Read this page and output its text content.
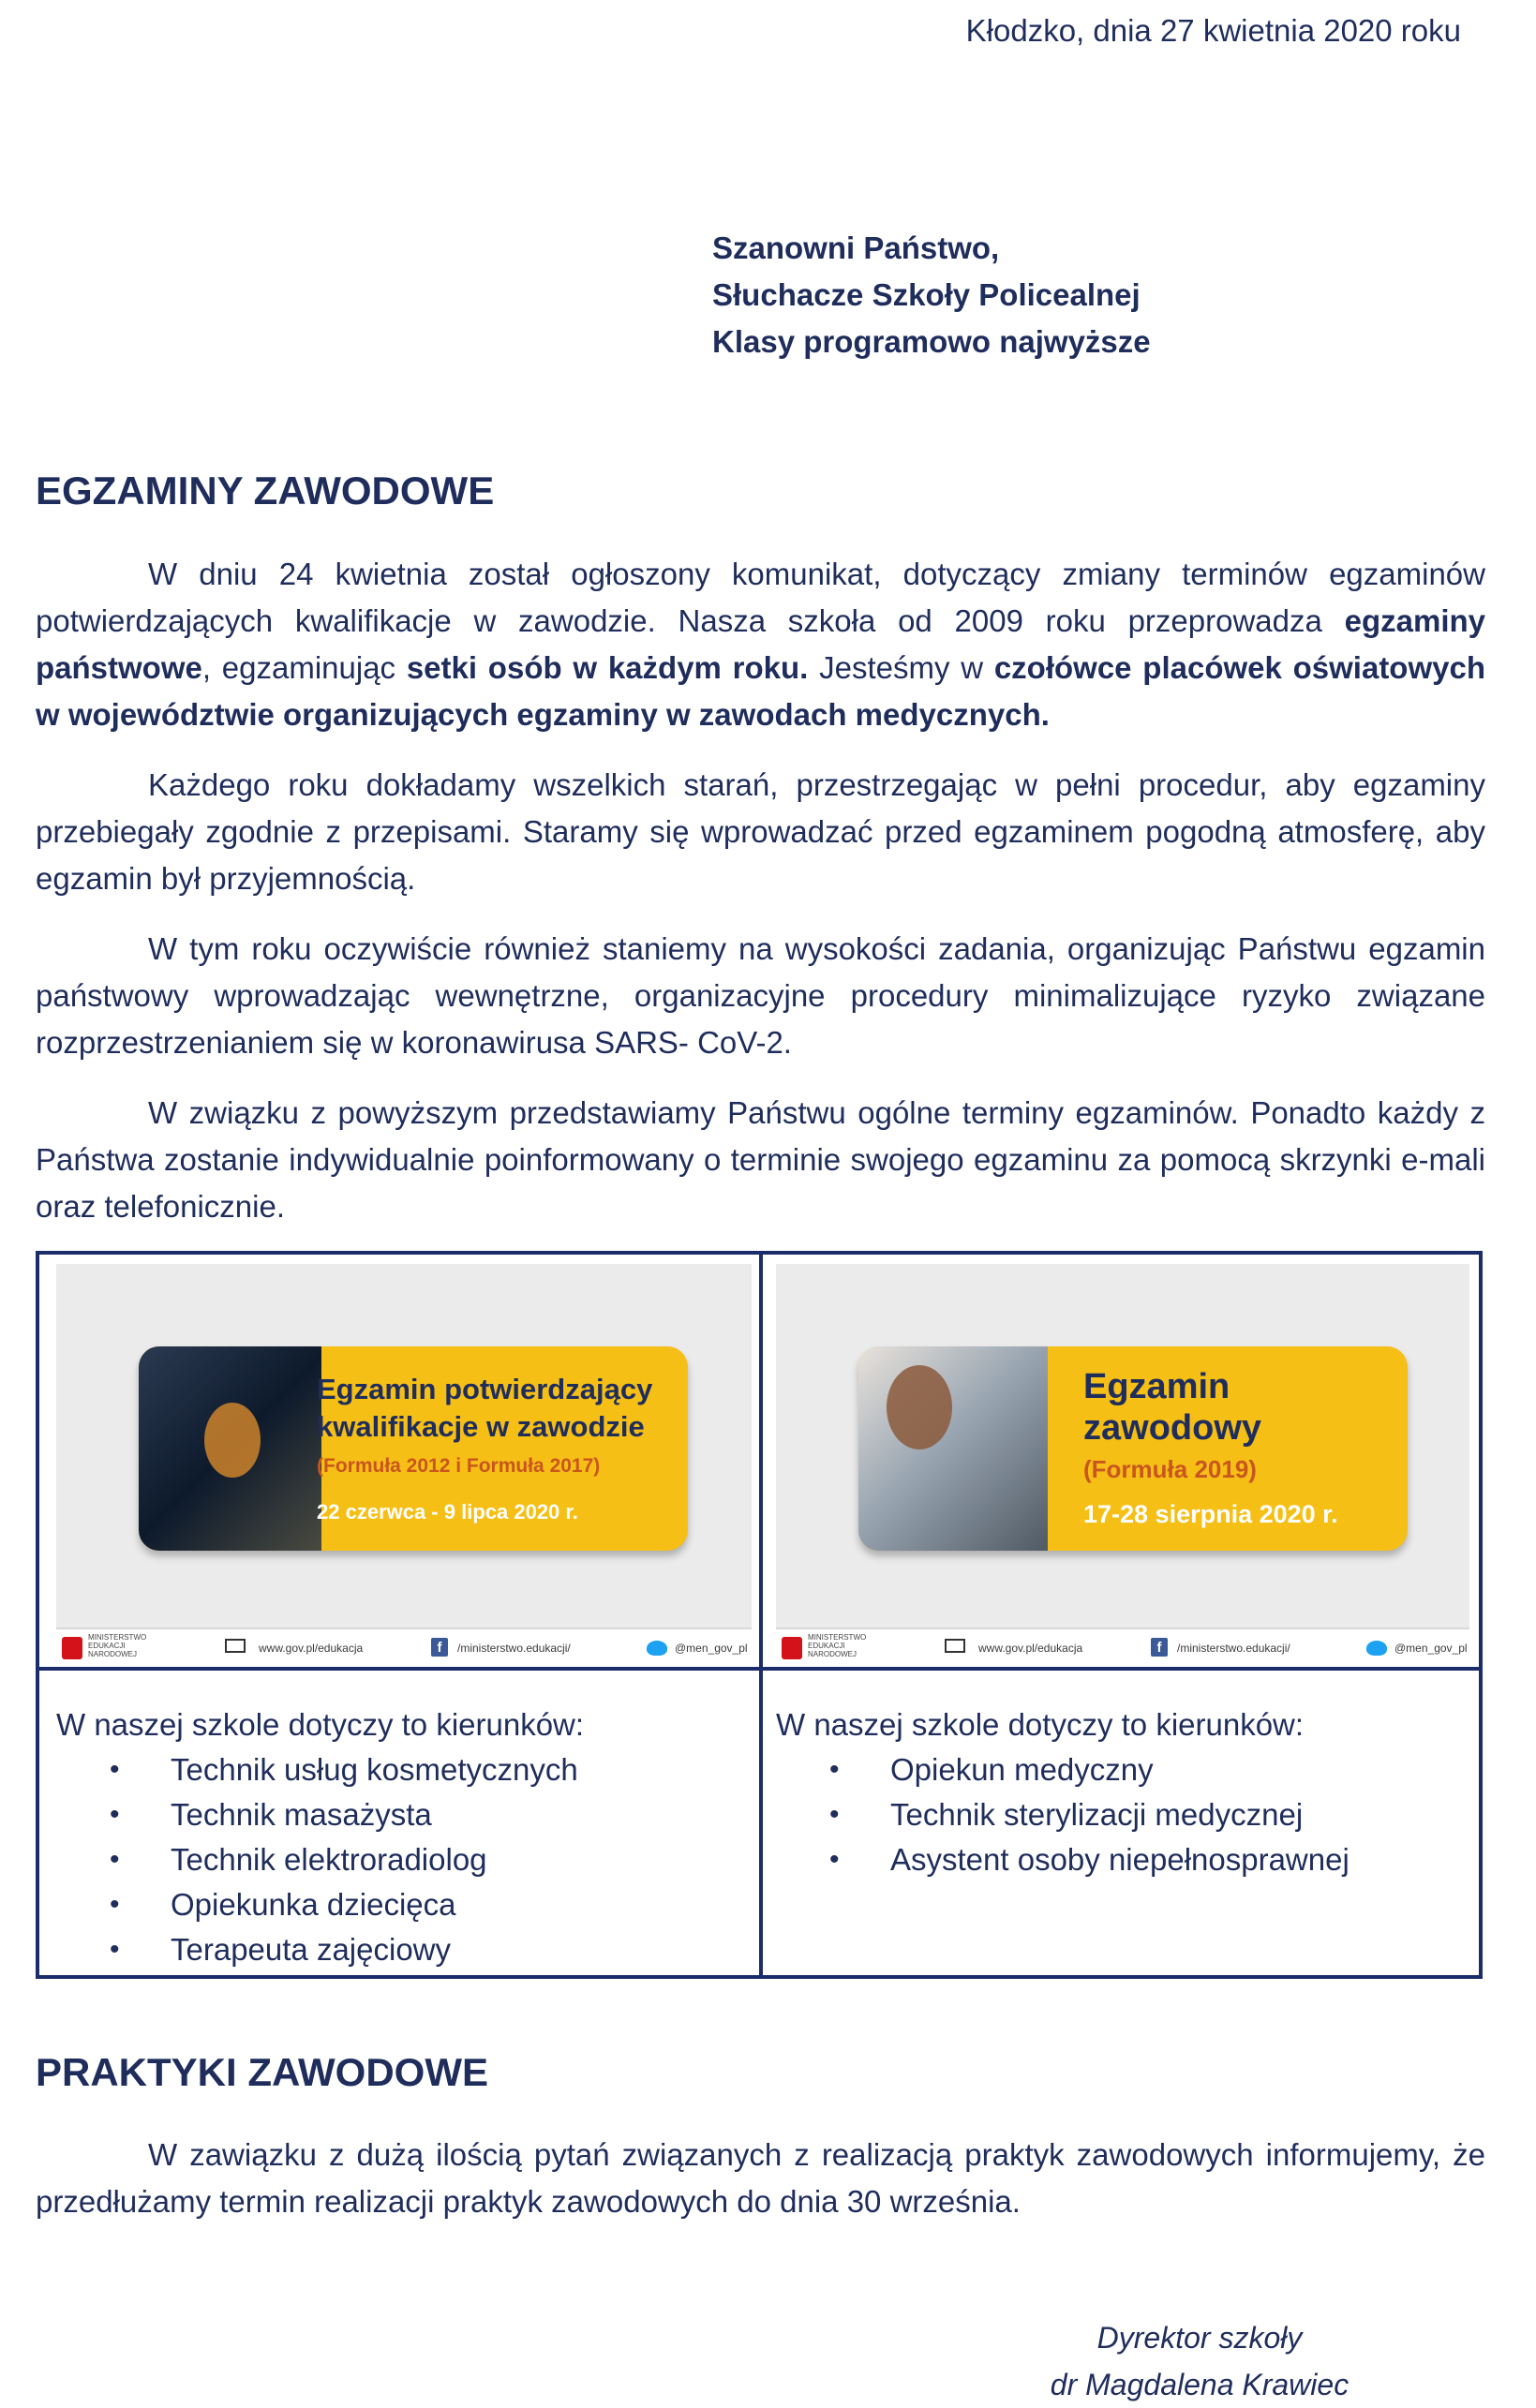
Kłodzko, dnia 27 kwietnia 2020 roku
Szanowni Państwo,
Słuchacze Szkoły Policealnej
Klasy programowo najwyższe
EGZAMINY ZAWODOWE
W dniu 24 kwietnia został ogłoszony komunikat, dotyczący zmiany terminów egzaminów potwierdzających kwalifikacje w zawodzie. Nasza szkoła od 2009 roku przeprowadza egzaminy państwowe, egzaminując setki osób w każdym roku. Jesteśmy w czołówce placówek oświatowych w województwie organizujących egzaminy w zawodach medycznych.
Każdego roku dokładamy wszelkich starań, przestrzegając w pełni procedur, aby egzaminy przebiegały zgodnie z przepisami. Staramy się wprowadzać przed egzaminem pogodną atmosferę, aby egzamin był przyjemnością.
W tym roku oczywiście również staniemy na wysokości zadania, organizując Państwu egzamin państwowy wprowadzając wewnętrzne, organizacyjne procedury minimalizujące ryzyko związane rozprzestrzenianiem się w koronawirusa SARS- CoV-2.
W związku z powyższym przedstawiamy Państwu ogólne terminy egzaminów. Ponadto każdy z Państwa zostanie indywidualnie poinformowany o terminie swojego egzaminu za pomocą skrzynki e-mali oraz telefonicznie.
Egzamin potwierdzający
kwalifikacje w zawodzie
(Formuła 2012 i Formuła 2017)
22 czerwca - 9 lipca 2020 r.
MINISTERSTWO
EDUKACJI
NARODOWEJ	www.gov.pl/edukacja	f	/ministerstwo.edukacji/	@men_gov_pl
Egzamin
zawodowy
(Formuła 2019)
17-28 sierpnia 2020 r.
MINISTERSTWO
EDUKACJI
NARODOWEJ	www.gov.pl/edukacja	f	/ministerstwo.edukacji/	@men_gov_pl
W naszej szkole dotyczy to kierunków:
• Technik usług kosmetycznych
• Technik masażysta
• Technik elektroradiolog
• Opiekunka dziecięca
• Terapeuta zajęciowy
W naszej szkole dotyczy to kierunków:
• Opiekun medyczny
• Technik sterylizacji medycznej
• Asystent osoby niepełnosprawnej
PRAKTYKI ZAWODOWE
W zawiązku z dużą ilością pytań związanych z realizacją praktyk zawodowych informujemy, że przedłużamy termin realizacji praktyk zawodowych do dnia 30 września.
Dyrektor szkoły
dr Magdalena Krawiec
